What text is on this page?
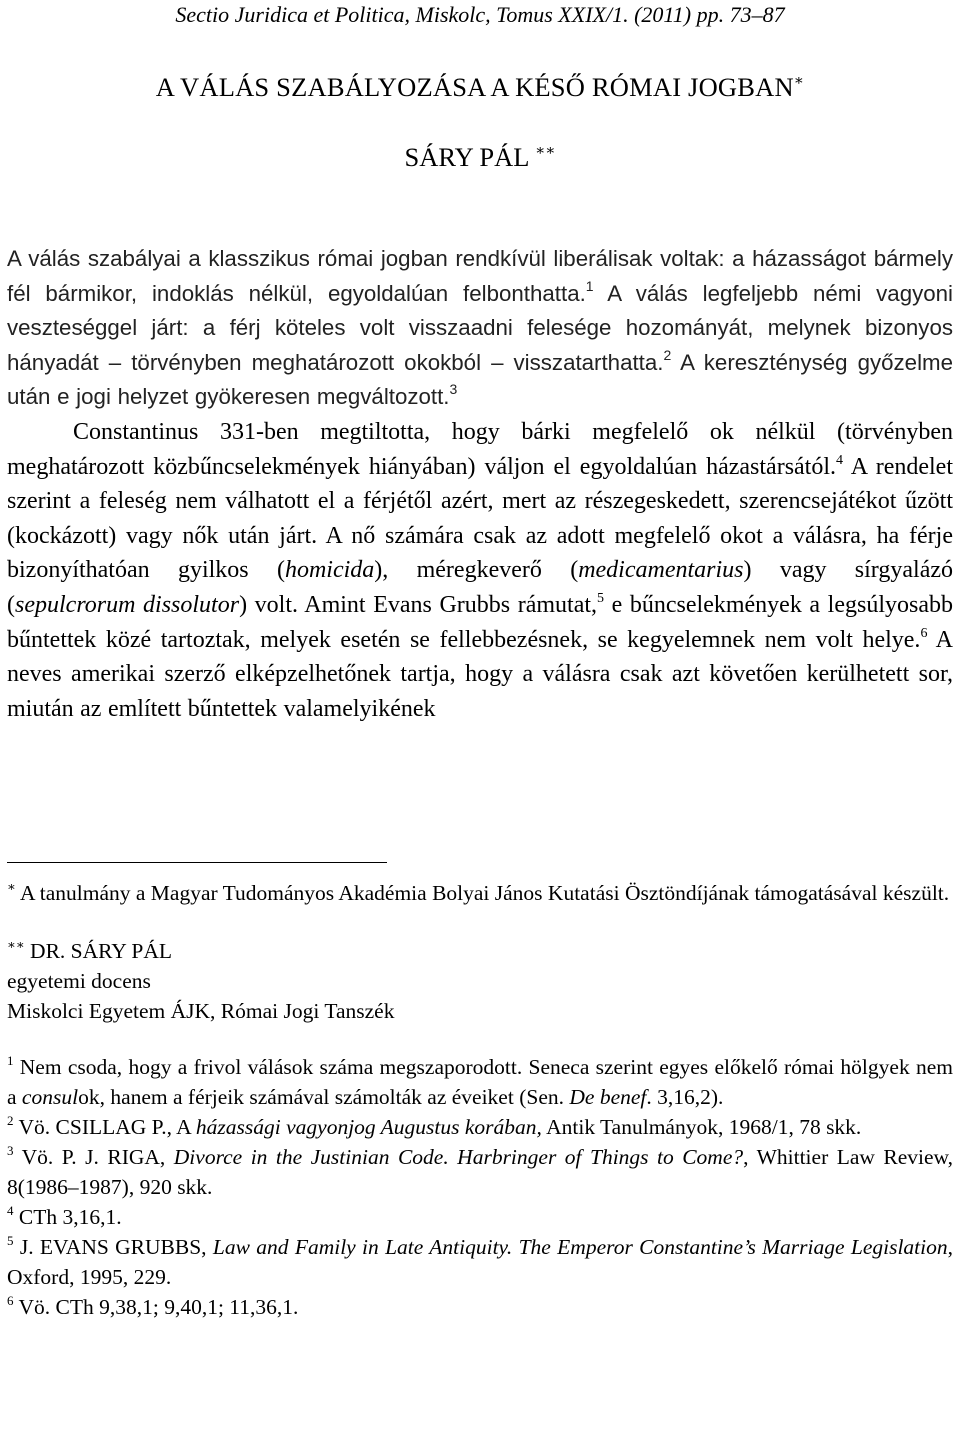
Sectio Juridica et Politica, Miskolc, Tomus XXIX/1. (2011) pp. 73–87
A VÁLÁS SZABÁLYOZÁSA A KÉSŐ RÓMAI JOGBAN∗
SÁRY PÁL ∗∗
A válás szabályai a klasszikus római jogban rendkívül liberálisak voltak: a házasságot bármely fél bármikor, indoklás nélkül, egyoldalúan felbonthatta.$^1$ A válás legfeljebb némi vagyoni veszteséggel járt: a férj köteles volt visszaadni felesége hozományát, melynek bizonyos hányadát – törvényben meghatározott okokból – visszatarthatta.$^2$ A kereszténység győzelme után e jogi helyzet gyökeresen megváltozott.$^3$
Constantinus 331-ben megtiltotta, hogy bárki megfelelő ok nélkül (törvényben meghatározott közbűncselekmények hiányában) váljon el egyoldalúan házastársától.$^4$ A rendelet szerint a feleség nem válhatott el a férjétől azért, mert az részegeskedett, szerencsejátékot űzött (kockázott) vagy nők után járt. A nő számára csak az adott megfelelő okot a válásra, ha férje bizonyíthatóan gyilkos (homicida), méregkeverő (medicamentarius) vagy sírgyalázó (sepulcrorum dissolutor) volt. Amint Evans Grubbs rámutat,$^5$ e bűncselekmények a legsúlyosabb bűntettek közé tartoztak, melyek esetén se fellebbezésnek, se kegyelemnek nem volt helye.$^6$ A neves amerikai szerző elképzelhetőnek tartja, hogy a válásra csak azt követően kerülhetett sor, miután az említett bűntettek valamelyikének

∗ A tanulmány a Magyar Tudományos Akadémia Bolyai János Kutatási Ösztöndíjának támogatásával készült.

∗∗ DR. SÁRY PÁL

egyetemi docens

Miskolci Egyetem ÁJK, Római Jogi Tanszék

$^1$ Nem csoda, hogy a frivol válások száma megszaporodott. Seneca szerint egyes előkelő római hölgyek nem a consulok, hanem a férjeik számával számolták az éveiket (Sen. De benef. 3,16,2).

$^2$ Vö. CSILLAG P., A házassági vagyonjog Augustus korában, Antik Tanulmányok, 1968/1, 78 skk.

$^3$ Vö. P. J. RIGA, Divorce in the Justinian Code. Harbringer of Things to Come?, Whittier Law Review, 8(1986–1987), 920 skk.

$^4$ CTh 3,16,1.

$^5$ J. EVANS GRUBBS, Law and Family in Late Antiquity. The Emperor Constantine’s Marriage Legislation, Oxford, 1995, 229.

$^6$ Vö. CTh 9,38,1; 9,40,1; 11,36,1.
